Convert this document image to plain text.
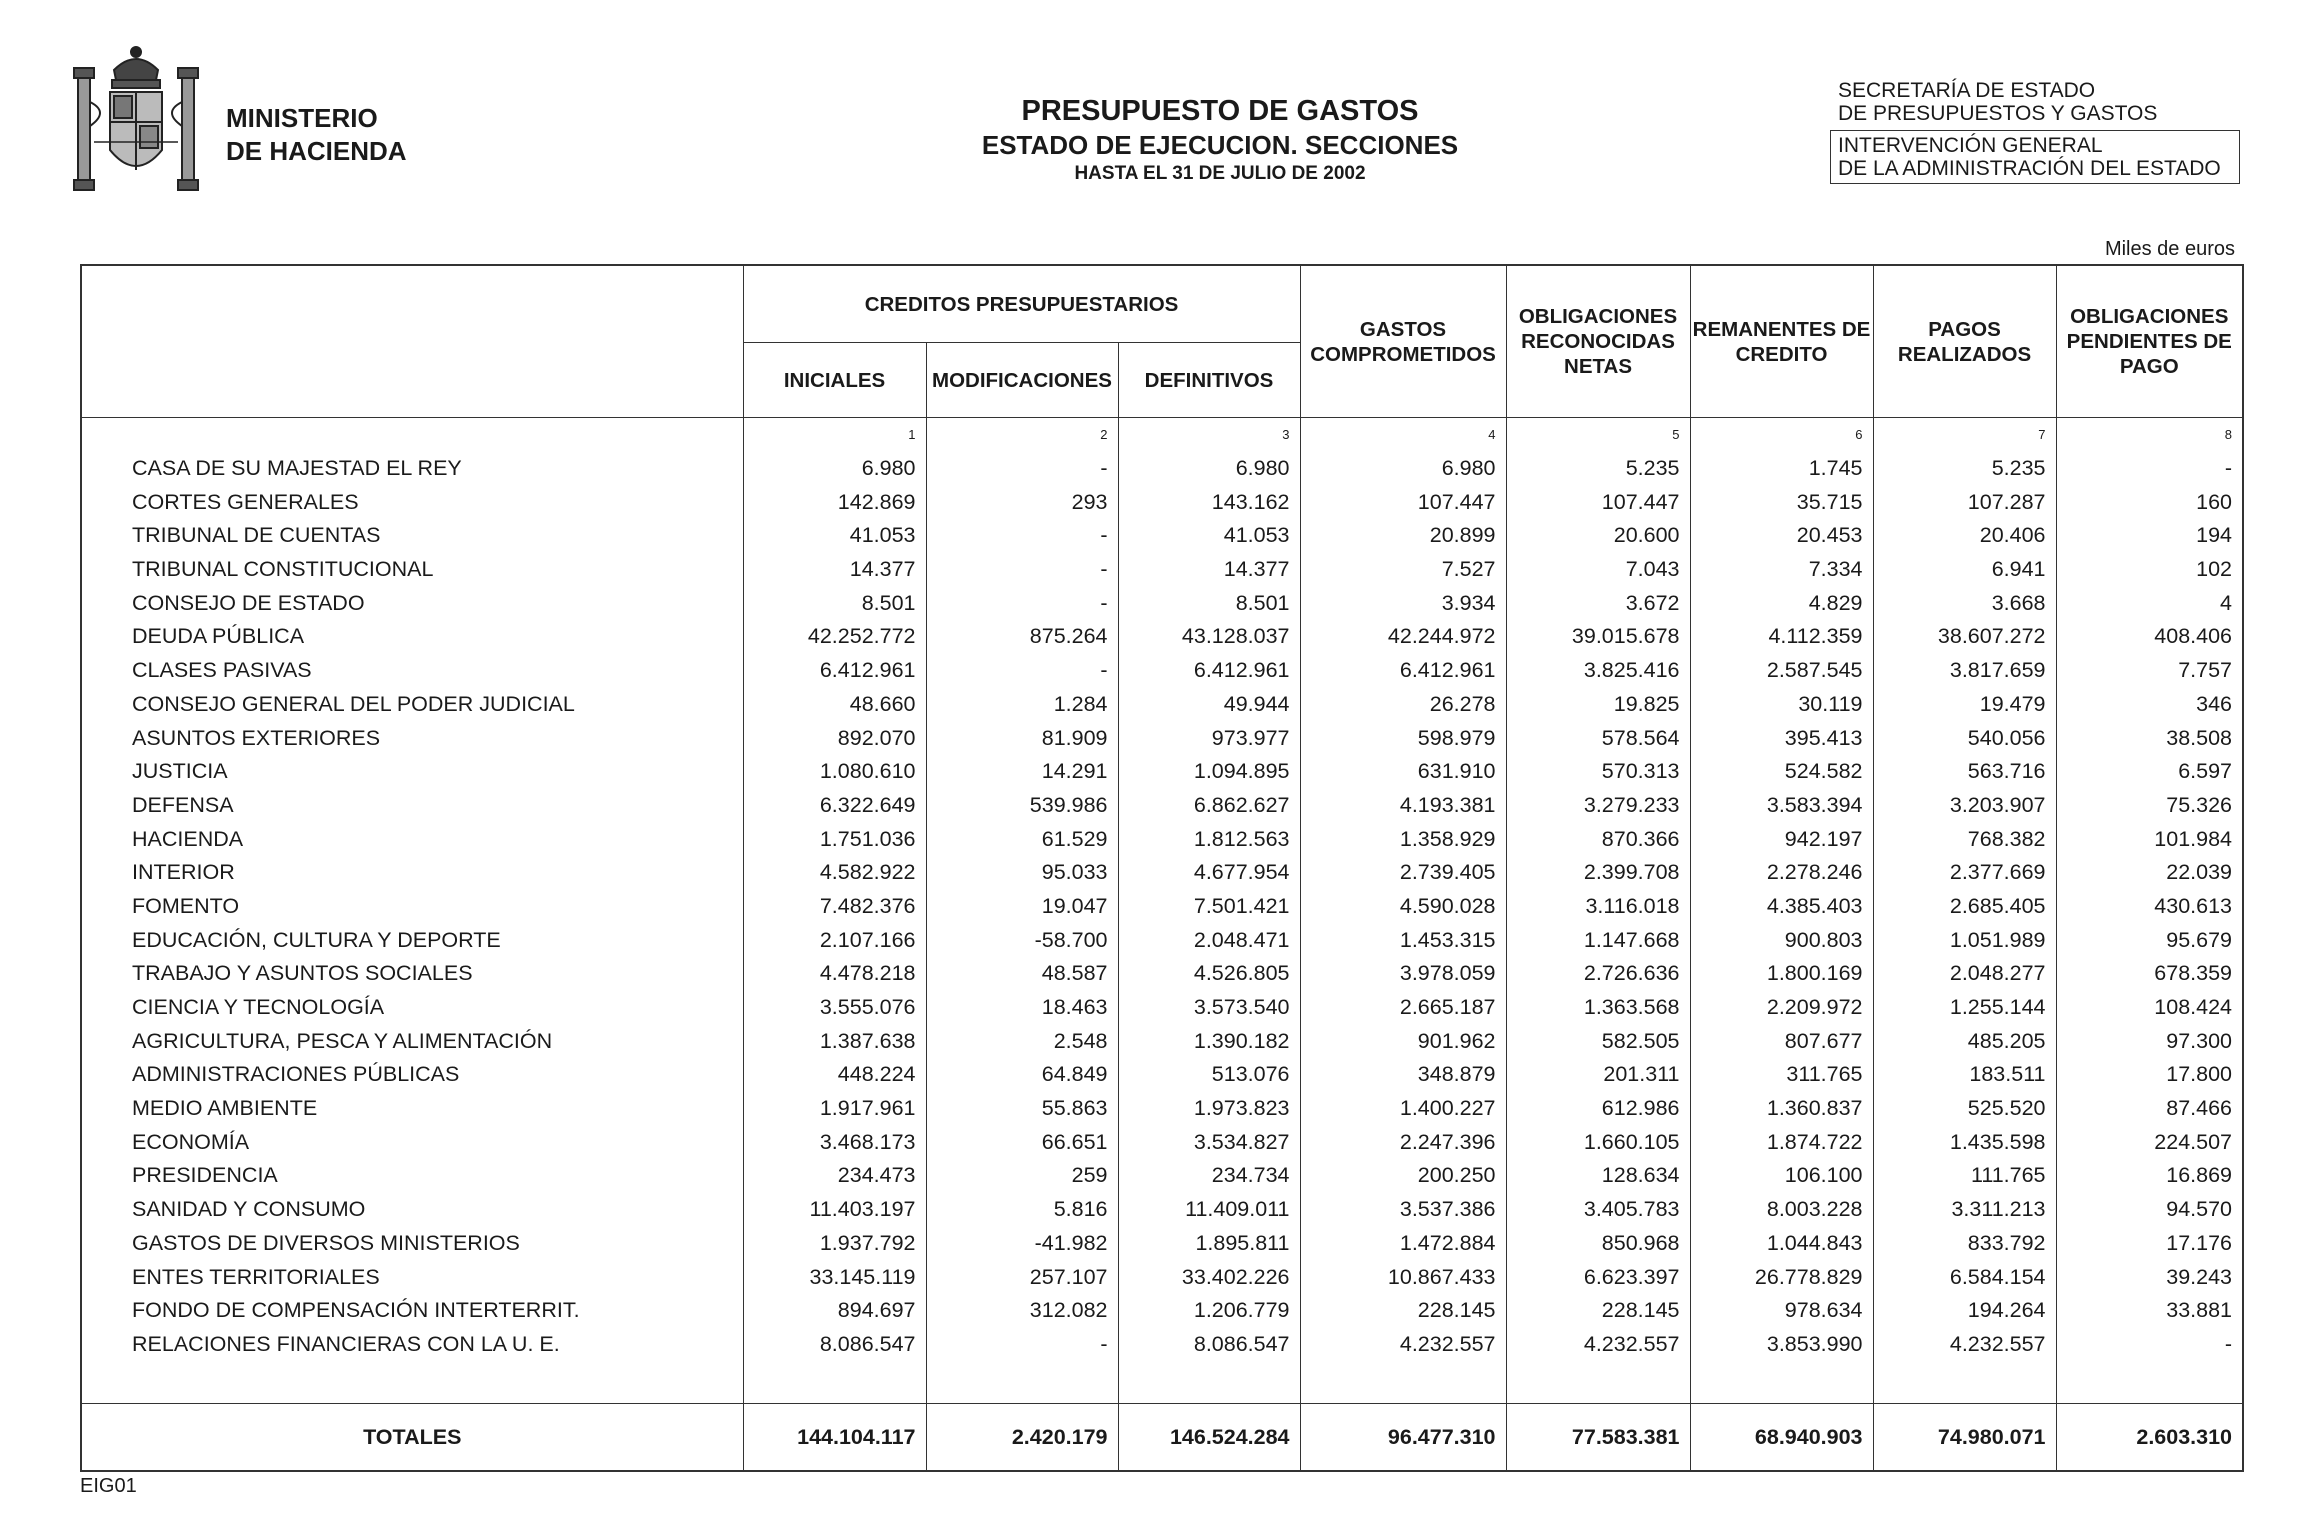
MINISTERIO
DE HACIENDA
PRESUPUESTO DE GASTOS
ESTADO DE EJECUCION. SECCIONES
HASTA EL 31 DE JULIO DE 2002
SECRETARÍA DE ESTADO
DE PRESUPUESTOS Y GASTOS
INTERVENCIÓN GENERAL
DE LA ADMINISTRACIÓN DEL ESTADO
Miles de euros
	CREDITOS PRESUPUESTARIOS			GASTOS COMPROMETIDOS	OBLIGACIONES RECONOCIDAS NETAS	REMANENTES DE CREDITO	PAGOS REALIZADOS	OBLIGACIONES PENDIENTES DE PAGO
	INICIALES	MODIFICACIONES	DEFINITIVOS					
	1	2	3	4	5	6	7	8
CASA DE SU MAJESTAD EL REY	6.980	-	6.980	6.980	5.235	1.745	5.235	-
CORTES GENERALES	142.869	293	143.162	107.447	107.447	35.715	107.287	160
TRIBUNAL DE CUENTAS	41.053	-	41.053	20.899	20.600	20.453	20.406	194
TRIBUNAL CONSTITUCIONAL	14.377	-	14.377	7.527	7.043	7.334	6.941	102
CONSEJO DE ESTADO	8.501	-	8.501	3.934	3.672	4.829	3.668	4
DEUDA PÚBLICA	42.252.772	875.264	43.128.037	42.244.972	39.015.678	4.112.359	38.607.272	408.406
CLASES PASIVAS	6.412.961	-	6.412.961	6.412.961	3.825.416	2.587.545	3.817.659	7.757
CONSEJO GENERAL DEL PODER JUDICIAL	48.660	1.284	49.944	26.278	19.825	30.119	19.479	346
ASUNTOS EXTERIORES	892.070	81.909	973.977	598.979	578.564	395.413	540.056	38.508
JUSTICIA	1.080.610	14.291	1.094.895	631.910	570.313	524.582	563.716	6.597
DEFENSA	6.322.649	539.986	6.862.627	4.193.381	3.279.233	3.583.394	3.203.907	75.326
HACIENDA	1.751.036	61.529	1.812.563	1.358.929	870.366	942.197	768.382	101.984
INTERIOR	4.582.922	95.033	4.677.954	2.739.405	2.399.708	2.278.246	2.377.669	22.039
FOMENTO	7.482.376	19.047	7.501.421	4.590.028	3.116.018	4.385.403	2.685.405	430.613
EDUCACIÓN, CULTURA Y DEPORTE	2.107.166	-58.700	2.048.471	1.453.315	1.147.668	900.803	1.051.989	95.679
TRABAJO Y ASUNTOS SOCIALES	4.478.218	48.587	4.526.805	3.978.059	2.726.636	1.800.169	2.048.277	678.359
CIENCIA Y TECNOLOGÍA	3.555.076	18.463	3.573.540	2.665.187	1.363.568	2.209.972	1.255.144	108.424
AGRICULTURA, PESCA Y ALIMENTACIÓN	1.387.638	2.548	1.390.182	901.962	582.505	807.677	485.205	97.300
ADMINISTRACIONES PÚBLICAS	448.224	64.849	513.076	348.879	201.311	311.765	183.511	17.800
MEDIO AMBIENTE	1.917.961	55.863	1.973.823	1.400.227	612.986	1.360.837	525.520	87.466
ECONOMÍA	3.468.173	66.651	3.534.827	2.247.396	1.660.105	1.874.722	1.435.598	224.507
PRESIDENCIA	234.473	259	234.734	200.250	128.634	106.100	111.765	16.869
SANIDAD Y CONSUMO	11.403.197	5.816	11.409.011	3.537.386	3.405.783	8.003.228	3.311.213	94.570
GASTOS DE DIVERSOS MINISTERIOS	1.937.792	-41.982	1.895.811	1.472.884	850.968	1.044.843	833.792	17.176
ENTES TERRITORIALES	33.145.119	257.107	33.402.226	10.867.433	6.623.397	26.778.829	6.584.154	39.243
FONDO DE COMPENSACIÓN INTERTERRIT.	894.697	312.082	1.206.779	228.145	228.145	978.634	194.264	33.881
RELACIONES FINANCIERAS CON LA U. E.	8.086.547	-	8.086.547	4.232.557	4.232.557	3.853.990	4.232.557	-

TOTALES	144.104.117	2.420.179	146.524.284	96.477.310	77.583.381	68.940.903	74.980.071	2.603.310
EIG01
